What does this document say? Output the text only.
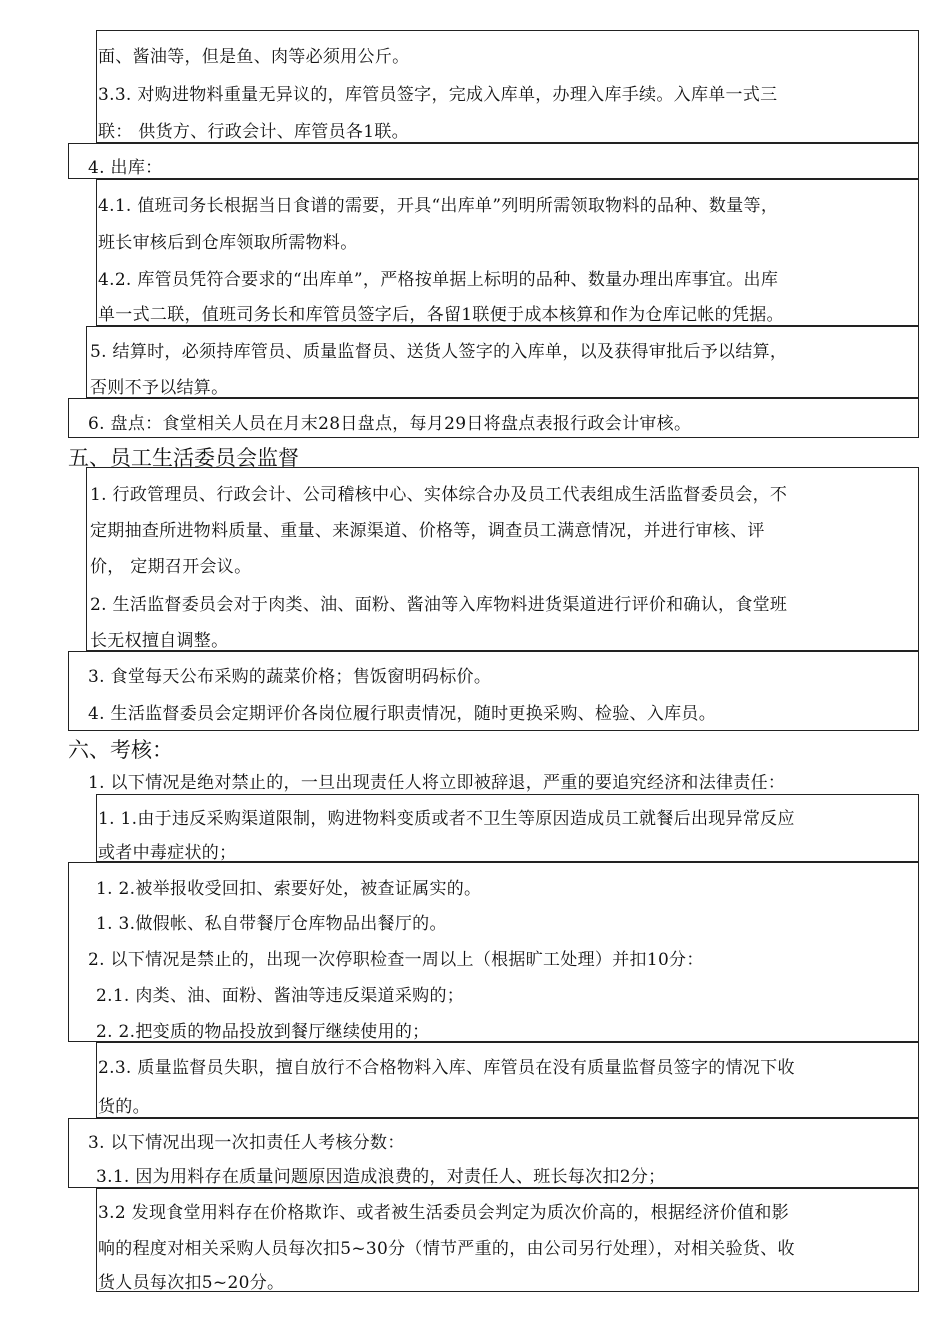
面、酱油等，但是鱼、肉等必须用公斤。
3.3. 对购进物料重量无异议的，库管员签字，完成入库单，办理入库手续。入库单一式三
联： 供货方、行政会计、库管员各1联。
4. 出库：
4.1. 值班司务长根据当日食谱的需要，开具“出库单”列明所需领取物料的品种、数量等，
班长审核后到仓库领取所需物料。
4.2. 库管员凭符合要求的“出库单”，严格按单据上标明的品种、数量办理出库事宜。出库
单一式二联，值班司务长和库管员签字后，各留1联便于成本核算和作为仓库记帐的凭据。
5. 结算时，必须持库管员、质量监督员、送货人签字的入库单，以及获得审批后予以结算，
否则不予以结算。
6. 盘点：食堂相关人员在月末28日盘点，每月29日将盘点表报行政会计审核。
五、员工生活委员会监督
1. 行政管理员、行政会计、公司稽核中心、实体综合办及员工代表组成生活监督委员会，不
定期抽查所进物料质量、重量、来源渠道、价格等，调查员工满意情况，并进行审核、评
价， 定期召开会议。
2. 生活监督委员会对于肉类、油、面粉、酱油等入库物料进货渠道进行评价和确认，食堂班
长无权擅自调整。
3. 食堂每天公布采购的蔬菜价格；售饭窗明码标价。
4. 生活监督委员会定期评价各岗位履行职责情况，随时更换采购、检验、入库员。
六、考核：
1. 以下情况是绝对禁止的，一旦出现责任人将立即被辞退，严重的要追究经济和法律责任：
1. 1.由于违反采购渠道限制，购进物料变质或者不卫生等原因造成员工就餐后出现异常反应
或者中毒症状的；
1. 2.被举报收受回扣、索要好处，被查证属实的。
1. 3.做假帐、私自带餐厅仓库物品出餐厅的。
2. 以下情况是禁止的，出现一次停职检查一周以上（根据旷工处理）并扣10分：
2.1. 肉类、油、面粉、酱油等违反渠道采购的；
2. 2.把变质的物品投放到餐厅继续使用的；
2.3. 质量监督员失职，擅自放行不合格物料入库、库管员在没有质量监督员签字的情况下收
货的。
3. 以下情况出现一次扣责任人考核分数：
3.1. 因为用料存在质量问题原因造成浪费的，对责任人、班长每次扣2分；
3.2 发现食堂用料存在价格欺诈、或者被生活委员会判定为质次价高的，根据经济价值和影
响的程度对相关采购人员每次扣5~30分（情节严重的，由公司另行处理），对相关验货、收
货人员每次扣5~20分。
